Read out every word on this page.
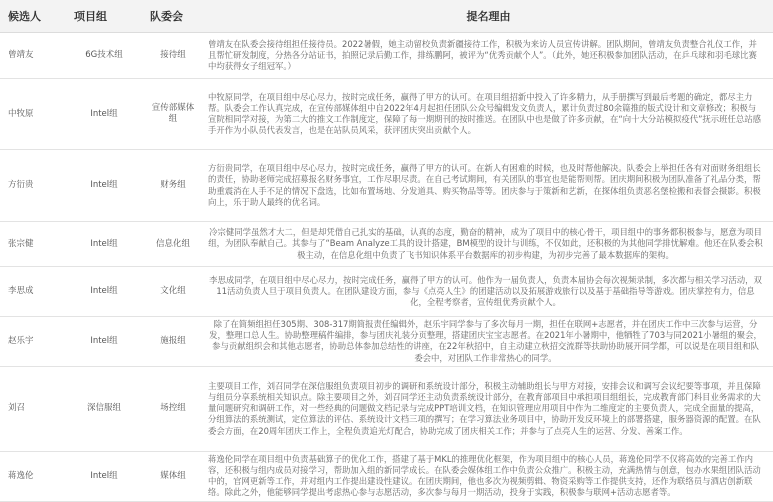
候选人	项目组	队委会	提名理由
曾靖友	6G技术组	接待组	曾靖友在队委会接待组担任接待员。2022暑假，她主动留校负责新疆接待工作，积极为来访人员宣传讲解。团队期间，曾靖友负责整合礼仪工作，并且帮忙研发制度，分热各分站证书，拍照记录后勤工作，排练鹏阿，被评为“优秀贡献个人”。（此外，她还积极参加团队活动，在乒乓球和羽毛球比赛中均获得女子组冠军。）
中牧原	Intel组	宣传部媒体组	中牧原同学，在项目组中尽心尽力，按时完成任务，赢得了甲方的认可。在项目组招新中投入了许多精力，从手册撰写到最后考题的确定，都尽主力帮。队委会工作认真完成，在宣传部媒体组中自2022年4月起担任团队公众号编辑发文负责人，累计负责过80余篇推的版式设计和文章修改；积极与宣院相同学对接，为第二大的推文工作制度定，保障了每一期期刊的按时推送。在团队中也是做了许多贡献，在“向十大分站模拟疫代”抚示班任总站感手开作为小队员代表发言，也是在站队员风采，获评团庆突出贡献个人。
方衍贵	Intel组	财务组	方衍贵同学，在项目组中尽心尽力，按时完成任务，赢得了甲方的认可。在新人有困难的时候，也及时帮他解决。队委会上举担任各有对面财务组组长的责任，协助老师完成招募报名财务事宜，工作尽职尽责。在自己考试期间，有关团队的事宜也是能帮则帮。团庆期间积极为团队准备了礼品分类，帮助重震消在人手不足的情况下盘选，比如布置场地、分发道具、购买物品等等。团庆参与于策新和艺新，在探体组负责恶名堡检搬和表督会摄影。积极向上，乐于助人最终的优名词。
张宗健	Intel组	信息化组	冷宗健同学虽然才大二，但是却凭借自己扎实的基础，认真的态度，勤奋的精神，成为了项目中的核心骨干，项目组中的事务都积极参与，愿意为项目组，为团队奉献自己。其参与了“Beam Analyze工具的设计搭建，BM模型的设计与训练，不仅如此，还积极的为其他同学排忧解难。他还在队委会积极主动，在信息化组中负责了飞书知识体系平台数据库的初步构建，为初步完善了最本数据库的架构。
李思成	Intel组	文化组	李思成同学，在项目组中尽心尽力，按时完成任务，赢得了甲方的认可。他作为一届负责人，负责本届协会每次视频录制，多次都与相关学习活动，双11活动负责人旦于项目负责人。在团队建设方面，参与《点亮人生》的团建活动以及拓展游戏旅行以及基于基础指导等游戏。团庆掌控有力，信息化，全程考察者，宣传组优秀贡献个人。
赵乐宇	Intel组	施报组	除了在简频组担任305期、308-317期简报责任编辑外，赵乐宇同学参与了多次每月一期，担任在联网+志愿者，并在团庆工作中三次参与运营，分发，整理口总人生。协助整理稿件编排，参与团庆礼装分页整理，搭建团庆宝宝志愿者。在2021年小暑期中，他牺牲了703与同2021小暑组的聚会，参与贡献组织会和其他志愿者，协助总体参加总结性的讲座，在22年秋招中，自主动建立秋招交流群等扶助协助展开同学都，可以说是在项目组和队委会中，对团队工作非常热心的同学。
刘召	深信服组	场控组	主要项目工作，刘召同学在深信服组负责项目初步的调研和系统设计部分，积极主动辅助组长与甲方对接，安排会议和调写会议纪要等事项，并且保障与组员分享系统相关知识点。除主要项目之外，刘召同学还主动负责系统设计部分，在教育部项目中承担项目组组长，完成教育部门科目业务需求的大量问题研究和调研工作，对一些经典的问题做文档记录与完成PPT培训文档，在知识管理应用项目中作为二维度定的主要负责人，完成全面量的提高，分组算法的系统测试，定位算法的评估、系统设计文档三项的撰写；在学习算法业务项目中，协助开发反环境上的部署搭建，服务器资源的配置。在队委会方面，在20周年团庆工作上，全程负责追光灯配合，协助完成了团庆相关工作；并参与了点亮人生的运营、分发、善案工作。
蒋逸伦	Intel组	媒体组	蒋逸伦同学在项目组中负责基础算子的优化工作，搭建了基于MKL的推理优化框架，作为项目组中的核心人员，蒋逸伦同学不仅将高效的完善工作内容，还积极与组内成员对接学习，帮助加入组的新同学成长。在队委会媒体组工作中负责公众推广。积极主动，充满热情与创意，包办水果组团队活动中的，官网更新等工作，并对组内工作提出建设性建议。在团庆期间，他也多次为视频剪辑、物资采购等工作提供支持，还作为联络员与酒店创新联络。除此之外，他能够同学提出考虑热心参与志愿活动，多次参与每月一期活动，投身于实践，积极参与联网+活动志愿者等。
